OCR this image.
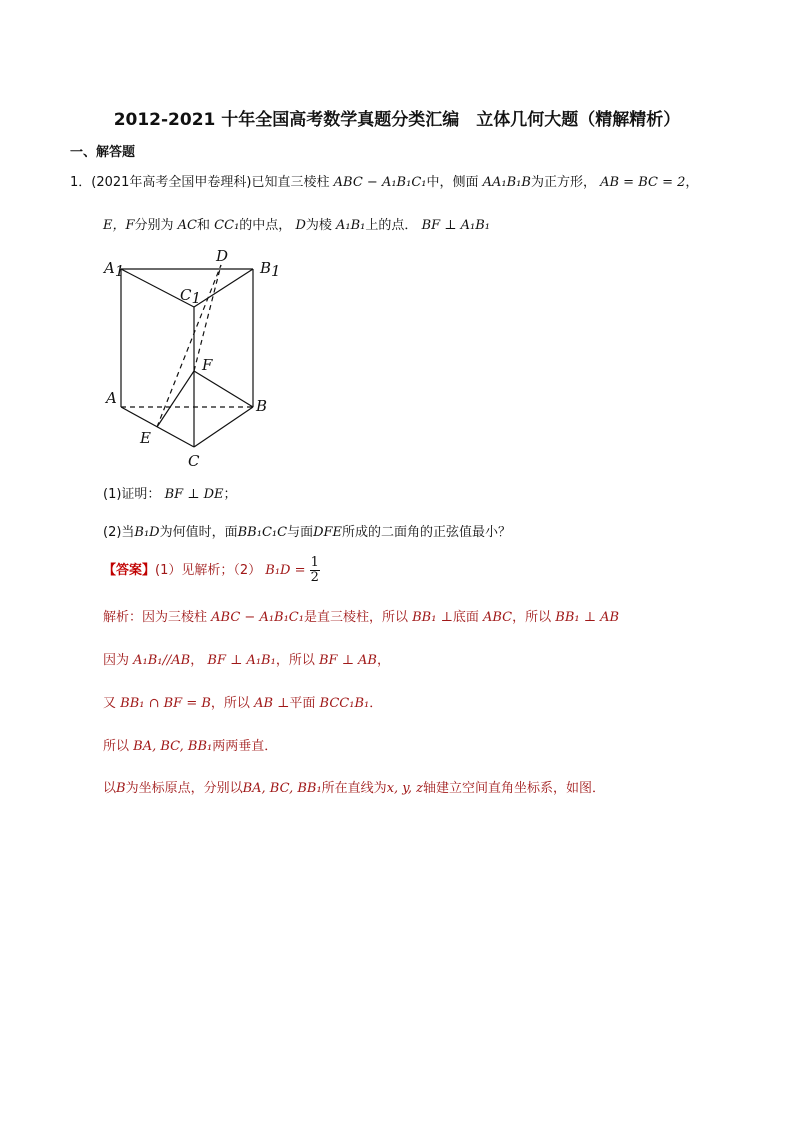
2012-2021 十年全国高考数学真题分类汇编　立体几何大题（精解精析）
一、解答题
1．(2021年高考全国甲卷理科)已知直三棱柱 ABC − A₁B₁C₁中，侧面 AA₁B₁B为正方形， AB = BC = 2，
E，F分别为 AC和 CC₁的中点， D为棱 A₁B₁上的点． BF ⊥ A₁B₁
A1	B1
C1
D
F
A	B
E
C
(1)证明： BF ⊥ DE；
(2)当B₁D为何值时，面BB₁C₁C与面DFE所成的二面角的正弦值最小？
【答案】(1）见解析；（2） $B_1D = \frac{1}{2}$
解析：因为三棱柱 ABC − A₁B₁C₁是直三棱柱，所以 BB₁ ⊥底面 ABC，所以 BB₁ ⊥ AB
因为 A₁B₁//AB， BF ⊥ A₁B₁，所以 BF ⊥ AB，
又 BB₁ ∩ BF = B，所以 AB ⊥平面 BCC₁B₁．
所以 BA, BC, BB₁两两垂直．
以B为坐标原点，分别以BA, BC, BB₁所在直线为x, y, z轴建立空间直角坐标系，如图．
